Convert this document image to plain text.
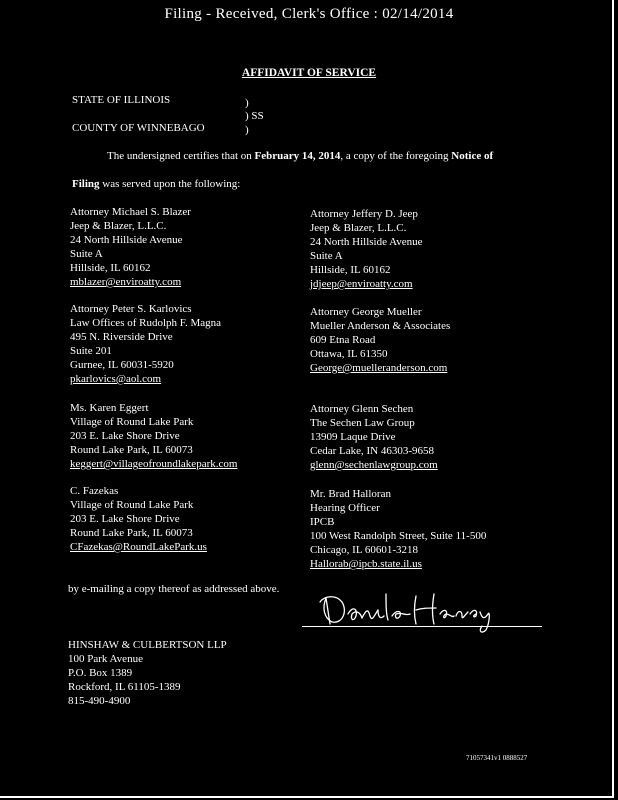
Filing - Received, Clerk's Office : 02/14/2014
AFFIDAVIT OF SERVICE
STATE OF ILLINOIS
COUNTY OF WINNEBAGO
)
) SS
)
The undersigned certifies that on February 14, 2014, a copy of the foregoing Notice of
Filing was served upon the following:
Attorney Michael S. Blazer
Jeep & Blazer, L.L.C.
24 North Hillside Avenue
Suite A
Hillside, IL 60162
mblazer@enviroatty.com
Attorney Jeffery D. Jeep
Jeep & Blazer, L.L.C.
24 North Hillside Avenue
Suite A
Hillside, IL 60162
jdjeep@enviroatty.com
Attorney Peter S. Karlovics
Law Offices of Rudolph F. Magna
495 N. Riverside Drive
Suite 201
Gurnee, IL 60031-5920
pkarlovics@aol.com
Attorney George Mueller
Mueller Anderson & Associates
609 Etna Road
Ottawa, IL 61350
George@muelleranderson.com
Ms. Karen Eggert
Village of Round Lake Park
203 E. Lake Shore Drive
Round Lake Park, IL 60073
keggert@villageofroundlakepark.com
Attorney Glenn Sechen
The Sechen Law Group
13909 Laque Drive
Cedar Lake, IN 46303-9658
glenn@sechenlawgroup.com
C. Fazekas
Village of Round Lake Park
203 E. Lake Shore Drive
Round Lake Park, IL 60073
CFazekas@RoundLakePark.us
Mr. Brad Halloran
Hearing Officer
IPCB
100 West Randolph Street, Suite 11-500
Chicago, IL 60601-3218
Hallorab@ipcb.state.il.us
by e-mailing a copy thereof as addressed above.
HINSHAW & CULBERTSON LLP
100 Park Avenue
P.O. Box 1389
Rockford, IL 61105-1389
815-490-4900
71057341v1 0888527
